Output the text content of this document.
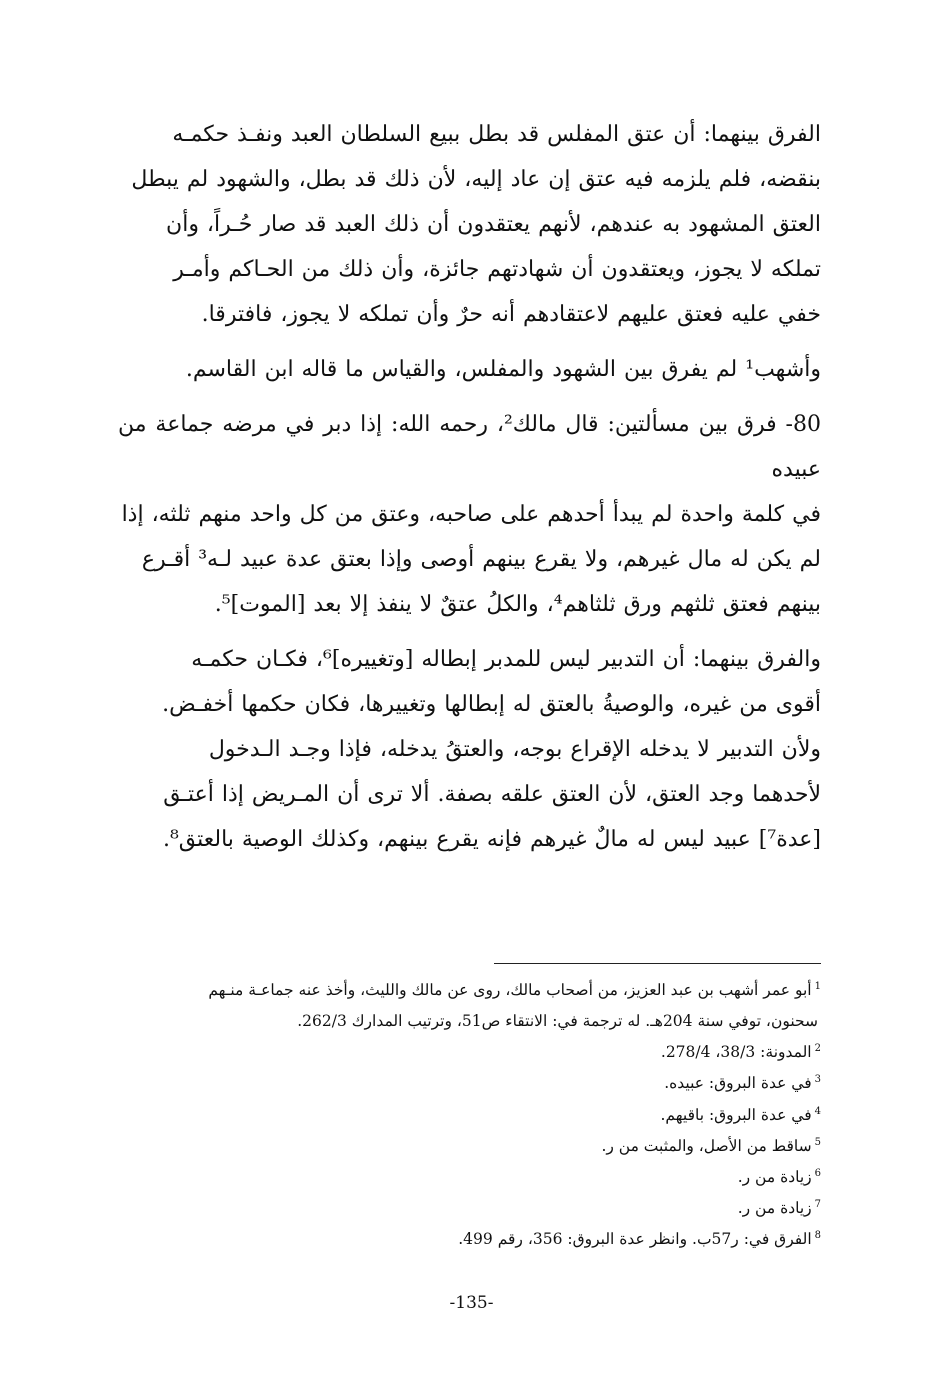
الفرق بينهما: أن عتق المفلس قد بطل ببيع السلطان العبد ونفـذ حكمـه
بنقضه، فلم يلزمه فيه عتق إن عاد إليه، لأن ذلك قد بطل، والشهود لم يبطل
العتق المشهود به عندهم، لأنهم يعتقدون أن ذلك العبد قد صار حُـراً، وأن
تملكه لا يجوز، ويعتقدون أن شهادتهم جائزة، وأن ذلك من الحـاكم وأمـر
خفي عليه فعتق عليهم لاعتقادهم أنه حرٌ وأن تملكه لا يجوز، فافترقا.

وأشهب¹ لم يفرق بين الشهود والمفلس، والقياس ما قاله ابن القاسم.

80- فرق بين مسألتين: قال مالك²، رحمه الله: إذا دبر في مرضه جماعة من عبيده
في كلمة واحدة لم يبدأ أحدهم على صاحبه، وعتق من كل واحد منهم ثلثه، إذا
لم يكن له مال غيرهم، ولا يقرع بينهم أوصى وإذا بعتق عدة عبيد لـه³ أقـرع
بينهم فعتق ثلثهم ورق ثلثاهم⁴، والكلُ عتقٌ لا ينفذ إلا بعد [الموت]⁵.

والفرق بينهما: أن التدبير ليس للمدبر إبطاله [وتغييره]⁶، فكـان حكمـه
أقوى من غيره، والوصيةُ بالعتق له إبطالها وتغييرها، فكان حكمها أخفـض.
ولأن التدبير لا يدخله الإقراع بوجه، والعتقُ يدخله، فإذا وجـد الـدخول
لأحدهما وجد العتق، لأن العتق علقه بصفة. ألا ترى أن المـريض إذا أعتـق
[عدة⁷] عبيد ليس له مالٌ غيرهم فإنه يقرع بينهم، وكذلك الوصية بالعتق⁸.

$^1$أبو عمر أشهب بن عبد العزيز، من أصحاب مالك، روى عن مالك والليث، وأخذ عنه جماعـة منـهم

سحنون، توفي سنة 204هـ. له ترجمة في: الانتقاء ص51، وترتيب المدارك 262/3.

$^2$المدونة: 38/3، 278/4.

$^3$في عدة البروق: عبيده.

$^4$في عدة البروق: باقيهم.

$^5$ساقط من الأصل، والمثبت من ر.

$^6$زيادة من ر.

$^7$زيادة من ر.

$^8$الفرق في: ر57ب. وانظر عدة البروق: 356، رقم 499.

-135-
